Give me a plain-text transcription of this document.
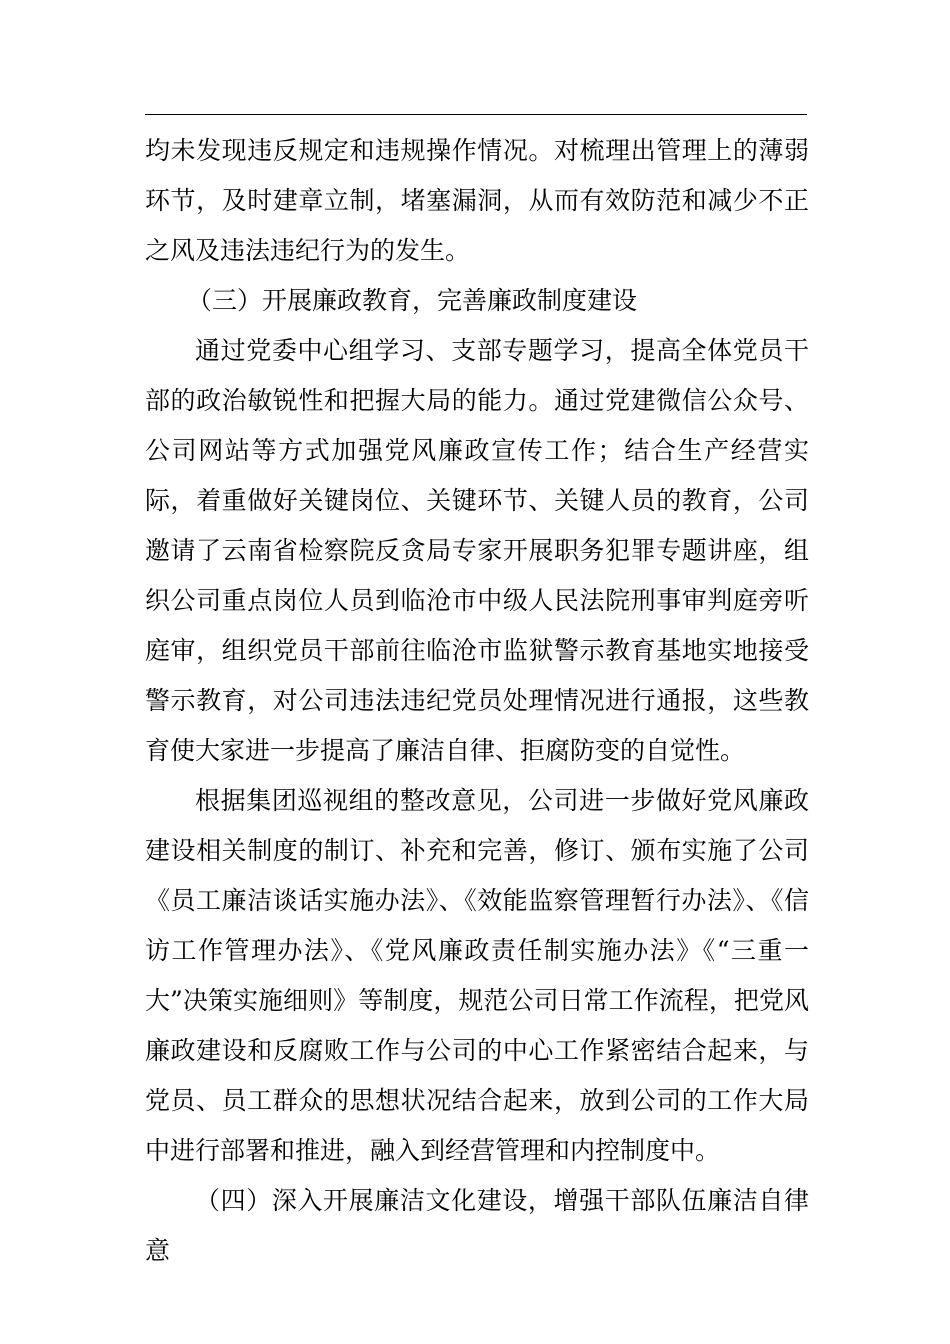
均未发现违反规定和违规操作情况。对梳理出管理上的薄弱环节，及时建章立制，堵塞漏洞，从而有效防范和减少不正之风及违法违纪行为的发生。

（三）开展廉政教育，完善廉政制度建设

通过党委中心组学习、支部专题学习，提高全体党员干部的政治敏锐性和把握大局的能力。通过党建微信公众号、公司网站等方式加强党风廉政宣传工作；结合生产经营实际，着重做好关键岗位、关键环节、关键人员的教育，公司邀请了云南省检察院反贪局专家开展职务犯罪专题讲座，组织公司重点岗位人员到临沧市中级人民法院刑事审判庭旁听庭审，组织党员干部前往临沧市监狱警示教育基地实地接受警示教育，对公司违法违纪党员处理情况进行通报，这些教育使大家进一步提高了廉洁自律、拒腐防变的自觉性。

根据集团巡视组的整改意见，公司进一步做好党风廉政建设相关制度的制订、补充和完善，修订、颁布实施了公司《员工廉洁谈话实施办法》、《效能监察管理暂行办法》、《信访工作管理办法》、《党风廉政责任制实施办法》《“三重一大”决策实施细则》等制度，规范公司日常工作流程，把党风廉政建设和反腐败工作与公司的中心工作紧密结合起来，与党员、员工群众的思想状况结合起来，放到公司的工作大局中进行部署和推进，融入到经营管理和内控制度中。

（四）深入开展廉洁文化建设，增强干部队伍廉洁自律意
